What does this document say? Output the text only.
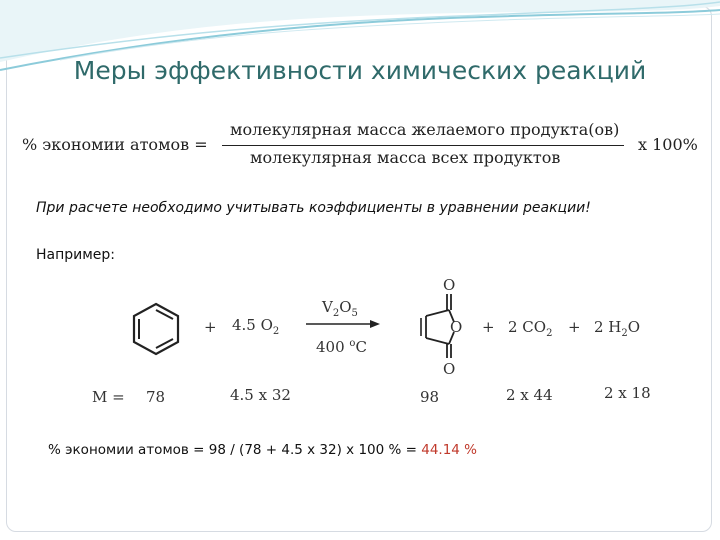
Меры эффективности химических реакций
% экономии атомов =
молекулярная масса желаемого продукта(ов)
молекулярная масса всех продуктов
x 100%
При расчете необходимо учитывать коэффициенты в уравнении реакции!
Например:
+ 4.5 $O_2$
$V_2O_5$
400 $^o$C
O
O
O
+ 2 $CO_2 + 2$ $H_2O$
M = 78	4.5 x 32	98	2 x 44	2 x 18
% экономии атомов = 98 / (78 + 4.5 x 32) x 100 % = 44.14 %
